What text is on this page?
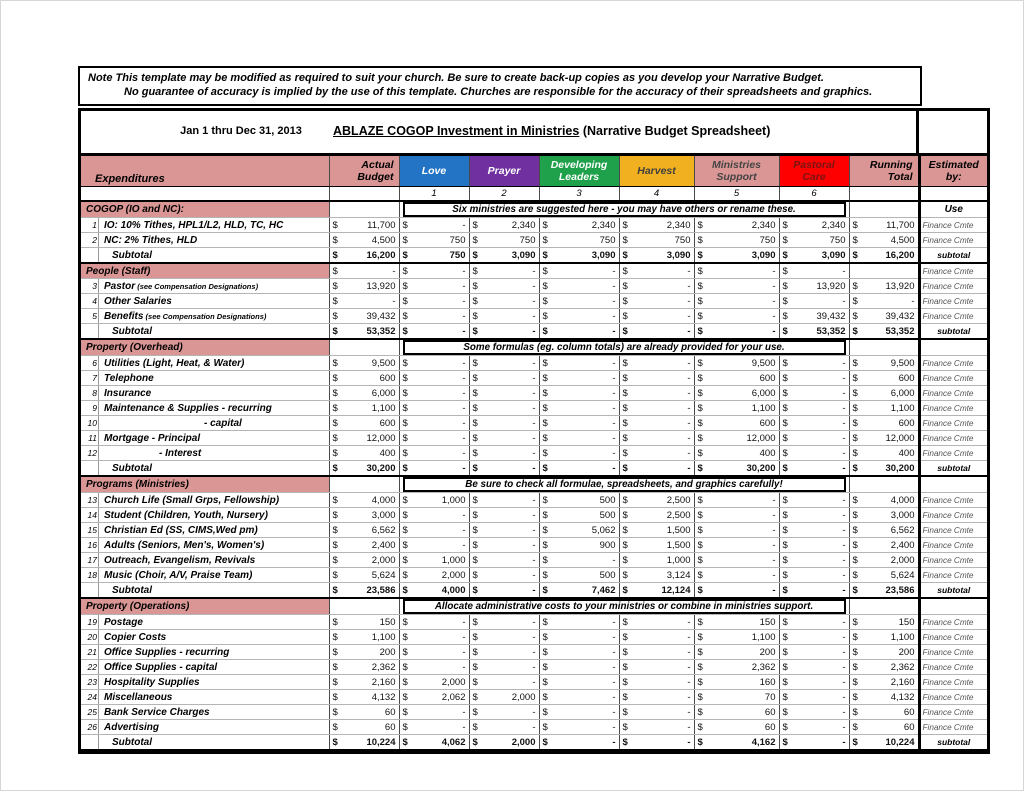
Note This template may be modified as required to suit your church. Be sure to create back-up copies as you develop your Narrative Budget.
No guarantee of accuracy is implied by the use of this template. Churches are responsible for the accuracy of their spreadsheets and graphics.
Jan 1 thru Dec 31, 2013	ABLAZE COGOP Investment in Ministries (Narrative Budget Spreadsheet)
Expenditures	Actual Budget	Love	Prayer	Developing Leaders	Harvest	Ministries Support	Pastoral Care	Running Total	Estimated by:
		1	2	3	4	5	6		
COGOP (IO and NC):		Six ministries are suggested here - you may have others or rename these.							Use

1 IO: 10% Tithes, HPL1/L2, HLD, TC, HC	$ 11,700	$ -	$ 2,340	$ 2,340	$ 2,340	$ 2,340	$ 2,340	$ 11,700	Finance Cmte
2 NC: 2% Tithes, HLD	$ 4,500	$ 750	$ 750	$ 750	$ 750	$ 750	$ 750	$ 4,500	Finance Cmte
Subtotal	$ 16,200	$ 750	$ 3,090	$ 3,090	$ 3,090	$ 3,090	$ 3,090	$ 16,200	subtotal

People (Staff)	$ -	$ -	$ -	$ -	$ -	$ -	$ -		Finance Cmte
3 Pastor (see Compensation Designations)	$ 13,920	$ -	$ -	$ -	$ -	$ -	$ 13,920	$ 13,920	Finance Cmte
4 Other Salaries	$ -	$ -	$ -	$ -	$ -	$ -	$ -	$ -	Finance Cmte
5 Benefits (see Compensation Designations)	$ 39,432	$ -	$ -	$ -	$ -	$ -	$ 39,432	$ 39,432	Finance Cmte
Subtotal	$ 53,352	$ -	$ -	$ -	$ -	$ -	$ 53,352	$ 53,352	subtotal

Property (Overhead)		Some formulas (eg. column totals) are already provided for your use.							

6 Utilities (Light, Heat, & Water)	$ 9,500	$ -	$ -	$ -	$ -	$ 9,500	$ -	$ 9,500	Finance Cmte
7 Telephone	$ 600	$ -	$ -	$ -	$ -	$ 600	$ -	$ 600	Finance Cmte
8 Insurance	$ 6,000	$ -	$ -	$ -	$ -	$ 6,000	$ -	$ 6,000	Finance Cmte
9 Maintenance & Supplies - recurring	$ 1,100	$ -	$ -	$ -	$ -	$ 1,100	$ -	$ 1,100	Finance Cmte
10 - capital	$ 600	$ -	$ -	$ -	$ -	$ 600	$ -	$ 600	Finance Cmte
11 Mortgage - Principal	$ 12,000	$ -	$ -	$ -	$ -	$ 12,000	$ -	$ 12,000	Finance Cmte
12 - Interest	$ 400	$ -	$ -	$ -	$ -	$ 400	$ -	$ 400	Finance Cmte
Subtotal	$ 30,200	$ -	$ -	$ -	$ -	$ 30,200	$ -	$ 30,200	subtotal

Programs (Ministries)		Be sure to check all formulae, spreadsheets, and graphics carefully!							

13 Church Life (Small Grps, Fellowship)	$ 4,000	$ 1,000	$ -	$ 500	$ 2,500	$ -	$ -	$ 4,000	Finance Cmte
14 Student (Children, Youth, Nursery)	$ 3,000	$ -	$ -	$ 500	$ 2,500	$ -	$ -	$ 3,000	Finance Cmte
15 Christian Ed (SS, CIMS,Wed pm)	$ 6,562	$ -	$ -	$ 5,062	$ 1,500	$ -	$ -	$ 6,562	Finance Cmte
16 Adults (Seniors, Men's, Women's)	$ 2,400	$ -	$ -	$ 900	$ 1,500	$ -	$ -	$ 2,400	Finance Cmte
17 Outreach, Evangelism, Revivals	$ 2,000	$ 1,000	$ -	$ -	$ 1,000	$ -	$ -	$ 2,000	Finance Cmte
18 Music (Choir, A/V, Praise Team)	$ 5,624	$ 2,000	$ -	$ 500	$ 3,124	$ -	$ -	$ 5,624	Finance Cmte
Subtotal	$ 23,586	$ 4,000	$ -	$ 7,462	$ 12,124	$ -	$ -	$ 23,586	subtotal

Property (Operations)		Allocate administrative costs to your ministries or combine in ministries support.							

19 Postage	$ 150	$ -	$ -	$ -	$ -	$ 150	$ -	$ 150	Finance Cmte
20 Copier Costs	$ 1,100	$ -	$ -	$ -	$ -	$ 1,100	$ -	$ 1,100	Finance Cmte
21 Office Supplies - recurring	$ 200	$ -	$ -	$ -	$ -	$ 200	$ -	$ 200	Finance Cmte
22 Office Supplies - capital	$ 2,362	$ -	$ -	$ -	$ -	$ 2,362	$ -	$ 2,362	Finance Cmte
23 Hospitality Supplies	$ 2,160	$ 2,000	$ -	$ -	$ -	$ 160	$ -	$ 2,160	Finance Cmte
24 Miscellaneous	$ 4,132	$ 2,062	$ 2,000	$ -	$ -	$ 70	$ -	$ 4,132	Finance Cmte
25 Bank Service Charges	$ 60	$ -	$ -	$ -	$ -	$ 60	$ -	$ 60	Finance Cmte
26 Advertising	$ 60	$ -	$ -	$ -	$ -	$ 60	$ -	$ 60	Finance Cmte
Subtotal	$ 10,224	$ 4,062	$ 2,000	$ -	$ -	$ 4,162	$ -	$ 10,224	subtotal
